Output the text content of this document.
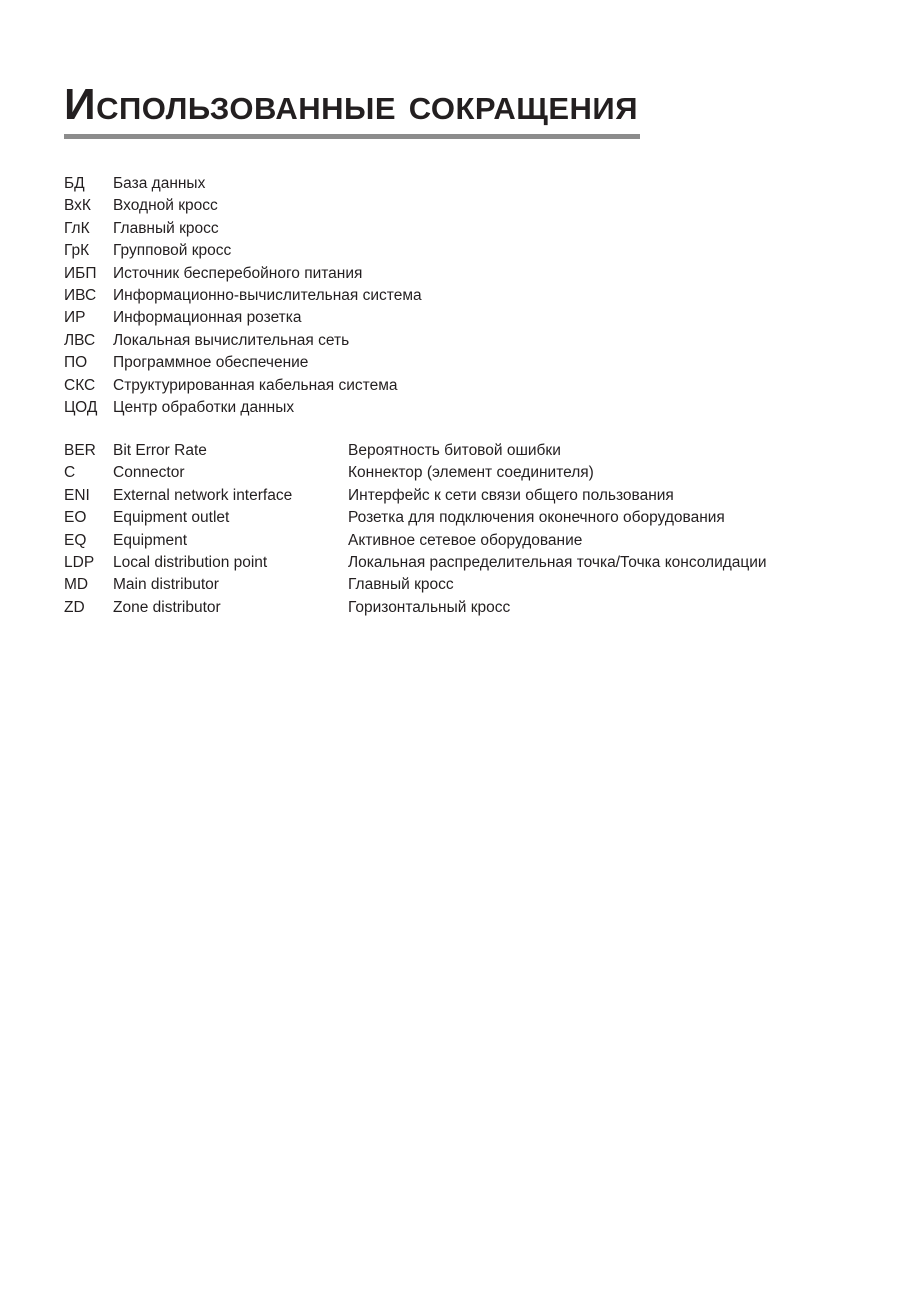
Использованные сокращения
БД База данных
ВхК Входной кросс
ГлК Главный кросс
ГрК Групповой кросс
ИБП Источник бесперебойного питания
ИВС Информационно-вычислительная система
ИР Информационная розетка
ЛВС Локальная вычислительная сеть
ПО Программное обеспечение
СКС Структурированная кабельная система
ЦОД Центр обработки данных
BER Bit Error Rate	Вероятность битовой ошибки
C Connector	Коннектор (элемент соединителя)
ENI External network interface	Интерфейс к сети связи общего пользования
EO Equipment outlet	Розетка для подключения оконечного оборудования
EQ Equipment	Активное сетевое оборудование
LDP Local distribution point	Локальная распределительная точка/Точка консолидации
MD Main distributor	Главный кросс
ZD Zone distributor	Горизонтальный кросс
